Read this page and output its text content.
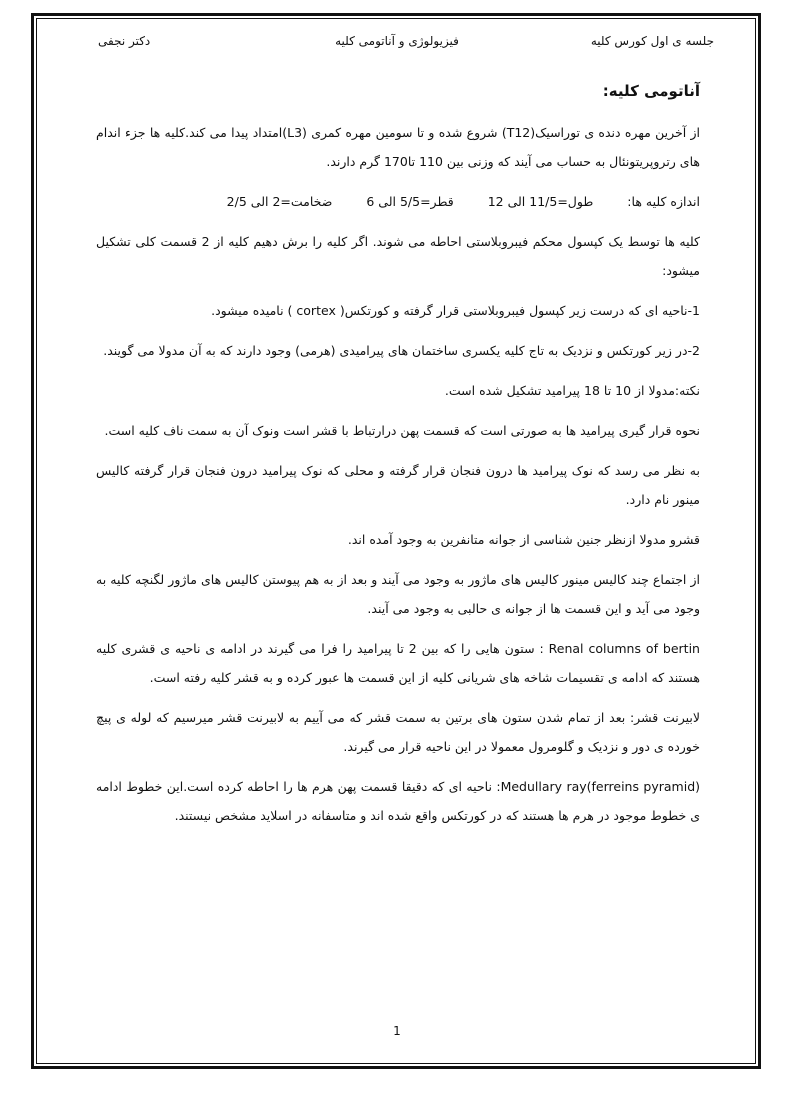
جلسه ی اول کورس کلیه
فیزیولوژی و آناتومی کلیه
دکتر نجفی
آناتومی کلیه:

از آخرین مهره دنده ی توراسیک(T12) شروع شده و تا سومین مهره کمری (L3)امتداد پیدا می کند.کلیه ها جزء اندام های رتروپریتونئال به حساب می آیند که وزنی بین 110 تا170 گرم دارند.

اندازه کلیه ها:طول=11/5 الی 12قطر=5/5 الی 6ضخامت=2 الی 2/5

کلیه ها توسط یک کپسول محکم فیبروبلاستی احاطه می شوند. اگر کلیه را برش دهیم کلیه از 2 قسمت کلی تشکیل میشود:

1-ناحیه ای که درست زیر کپسول فیبروبلاستی قرار گرفته و کورتکس( cortex ) نامیده میشود.

2-در زیر کورتکس و نزدیک به تاج کلیه یکسری ساختمان های پیرامیدی (هرمی) وجود دارند که به آن مدولا می گویند.

نکته:مدولا از 10 تا 18 پیرامید تشکیل شده است.

نحوه قرار گیری پیرامید ها به صورتی است که قسمت پهن درارتباط با قشر است ونوک آن به سمت ناف کلیه است.

به نظر می رسد که نوک پیرامید ها درون فنجان قرار گرفته و محلی که نوک پیرامید درون فنجان قرار گرفته کالیس مینور نام دارد.

قشرو مدولا ازنظر جنین شناسی از جوانه متانفرین به وجود آمده اند.

از اجتماع چند کالیس مینور کالیس های ماژور به وجود می آیند و بعد از به هم پیوستن کالیس های ماژور لگنچه کلیه به وجود می آید و این قسمت ها از جوانه ی حالبی به وجود می آیند.

Renal columns of bertin : ستون هایی را که بین 2 تا پیرامید را فرا می گیرند در ادامه ی ناحیه ی قشری کلیه هستند که ادامه ی تقسیمات شاخه های شریانی کلیه از این قسمت ها عبور کرده و به قشر کلیه رفته است.

لابیرنت قشر: بعد از تمام شدن ستون های برتین به سمت قشر که می آییم به لابیرنت قشر میرسیم که لوله ی پیچ خورده ی دور و نزدیک و گلومرول معمولا در این ناحیه قرار می گیرند.

Medullary ray(ferreins pyramid): ناحیه ای که دقیقا قسمت پهن هرم ها را احاطه کرده است.این خطوط ادامه ی خطوط موجود در هرم ها هستند که در کورتکس واقع شده اند و متاسفانه در اسلاید مشخص نیستند.

1
